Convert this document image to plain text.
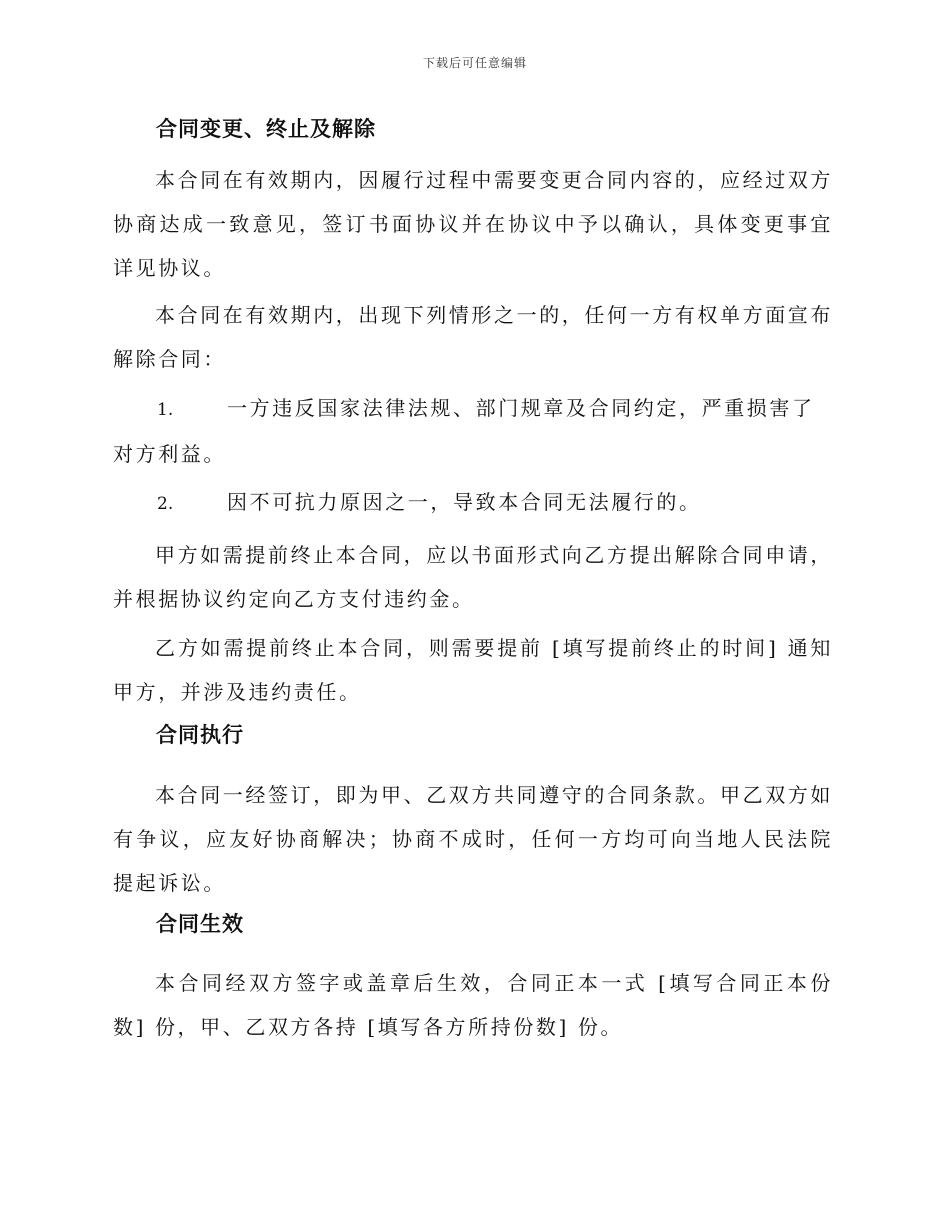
下载后可任意编辑
合同变更、终止及解除

本合同在有效期内，因履行过程中需要变更合同内容的，应经过双方协商达成一致意见，签订书面协议并在协议中予以确认，具体变更事宜详见协议。

本合同在有效期内，出现下列情形之一的，任何一方有权单方面宣布解除合同：

1.	一方违反国家法律法规、部门规章及合同约定，严重损害了对方利益。
2.	因不可抗力原因之一，导致本合同无法履行的。

甲方如需提前终止本合同，应以书面形式向乙方提出解除合同申请，并根据协议约定向乙方支付违约金。

乙方如需提前终止本合同，则需要提前 [填写提前终止的时间] 通知甲方，并涉及违约责任。

合同执行

本合同一经签订，即为甲、乙双方共同遵守的合同条款。甲乙双方如有争议，应友好协商解决；协商不成时，任何一方均可向当地人民法院提起诉讼。

合同生效

本合同经双方签字或盖章后生效，合同正本一式 [填写合同正本份数] 份，甲、乙双方各持 [填写各方所持份数] 份。
